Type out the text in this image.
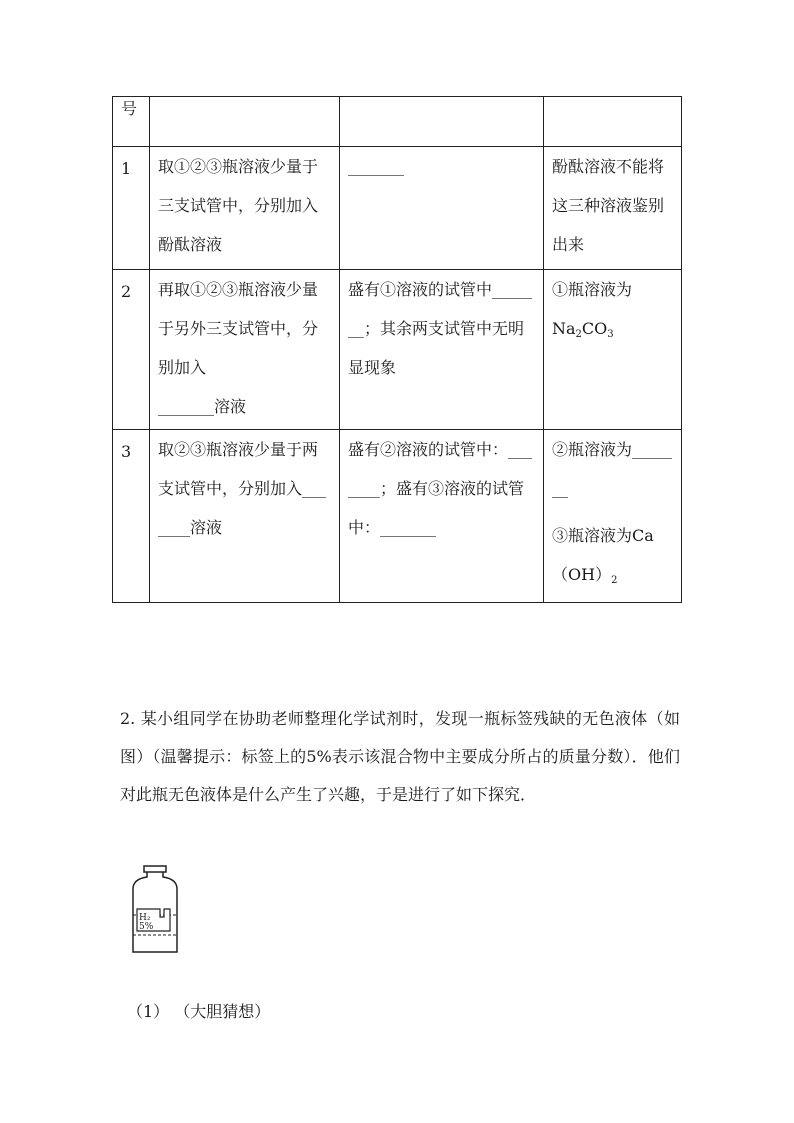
号			

1	取①②③瓶溶液少量于三支试管中，分别加入酚酞溶液	_______	酚酞溶液不能将这三种溶液鉴别出来

2	再取①②③瓶溶液少量于另外三支试管中，分别加入
_______溶液	盛有①溶液的试管中_______；其余两支试管中无明显现象	①瓶溶液为
$Na_2CO_3$

3	取②③瓶溶液少量于两支试管中，分别加入_______溶液	盛有②溶液的试管中：_______；盛有③溶液的试管中：_______	②瓶溶液为_______

③瓶溶液为$Ca(OH)_2$
2. 某小组同学在协助老师整理化学试剂时，发现一瓶标签残缺的无色液体（如图）（温馨提示：标签上的5%表示该混合物中主要成分所占的质量分数）．他们对此瓶无色液体是什么产生了兴趣，于是进行了如下探究．
H₂
5%
（1） （大胆猜想）
